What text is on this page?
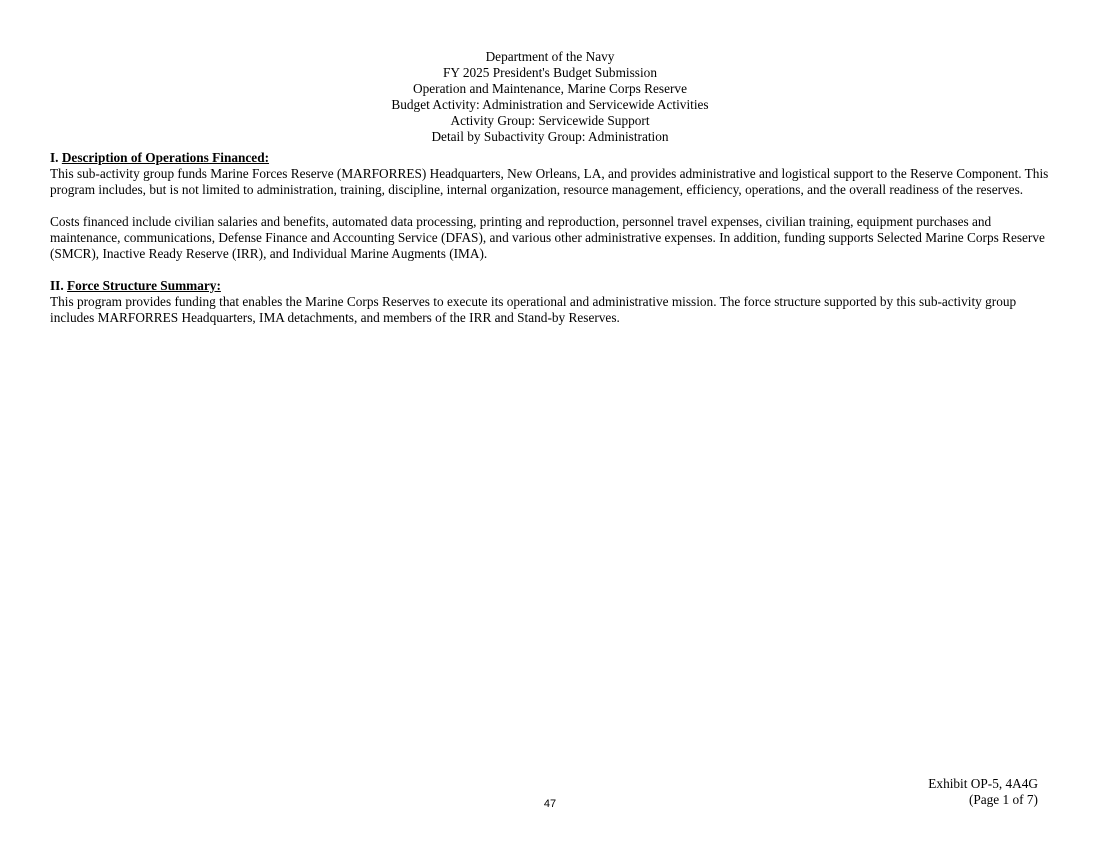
Department of the Navy
FY 2025 President's Budget Submission
Operation and Maintenance, Marine Corps Reserve
Budget Activity: Administration and Servicewide Activities
Activity Group: Servicewide Support
Detail by Subactivity Group: Administration
I. Description of Operations Financed:

This sub-activity group funds Marine Forces Reserve (MARFORRES) Headquarters, New Orleans, LA, and provides administrative and logistical support to the Reserve Component. This program includes, but is not limited to administration, training, discipline, internal organization, resource management, efficiency, operations, and the overall readiness of the reserves.

Costs financed include civilian salaries and benefits, automated data processing, printing and reproduction, personnel travel expenses, civilian training, equipment purchases and maintenance, communications, Defense Finance and Accounting Service (DFAS), and various other administrative expenses. In addition, funding supports Selected Marine Corps Reserve (SMCR), Inactive Ready Reserve (IRR), and Individual Marine Augments (IMA).

II. Force Structure Summary:

This program provides funding that enables the Marine Corps Reserves to execute its operational and administrative mission. The force structure supported by this sub-activity group includes MARFORRES Headquarters, IMA detachments, and members of the IRR and Stand-by Reserves.

Exhibit OP-5, 4A4G
(Page 1 of 7)
47
